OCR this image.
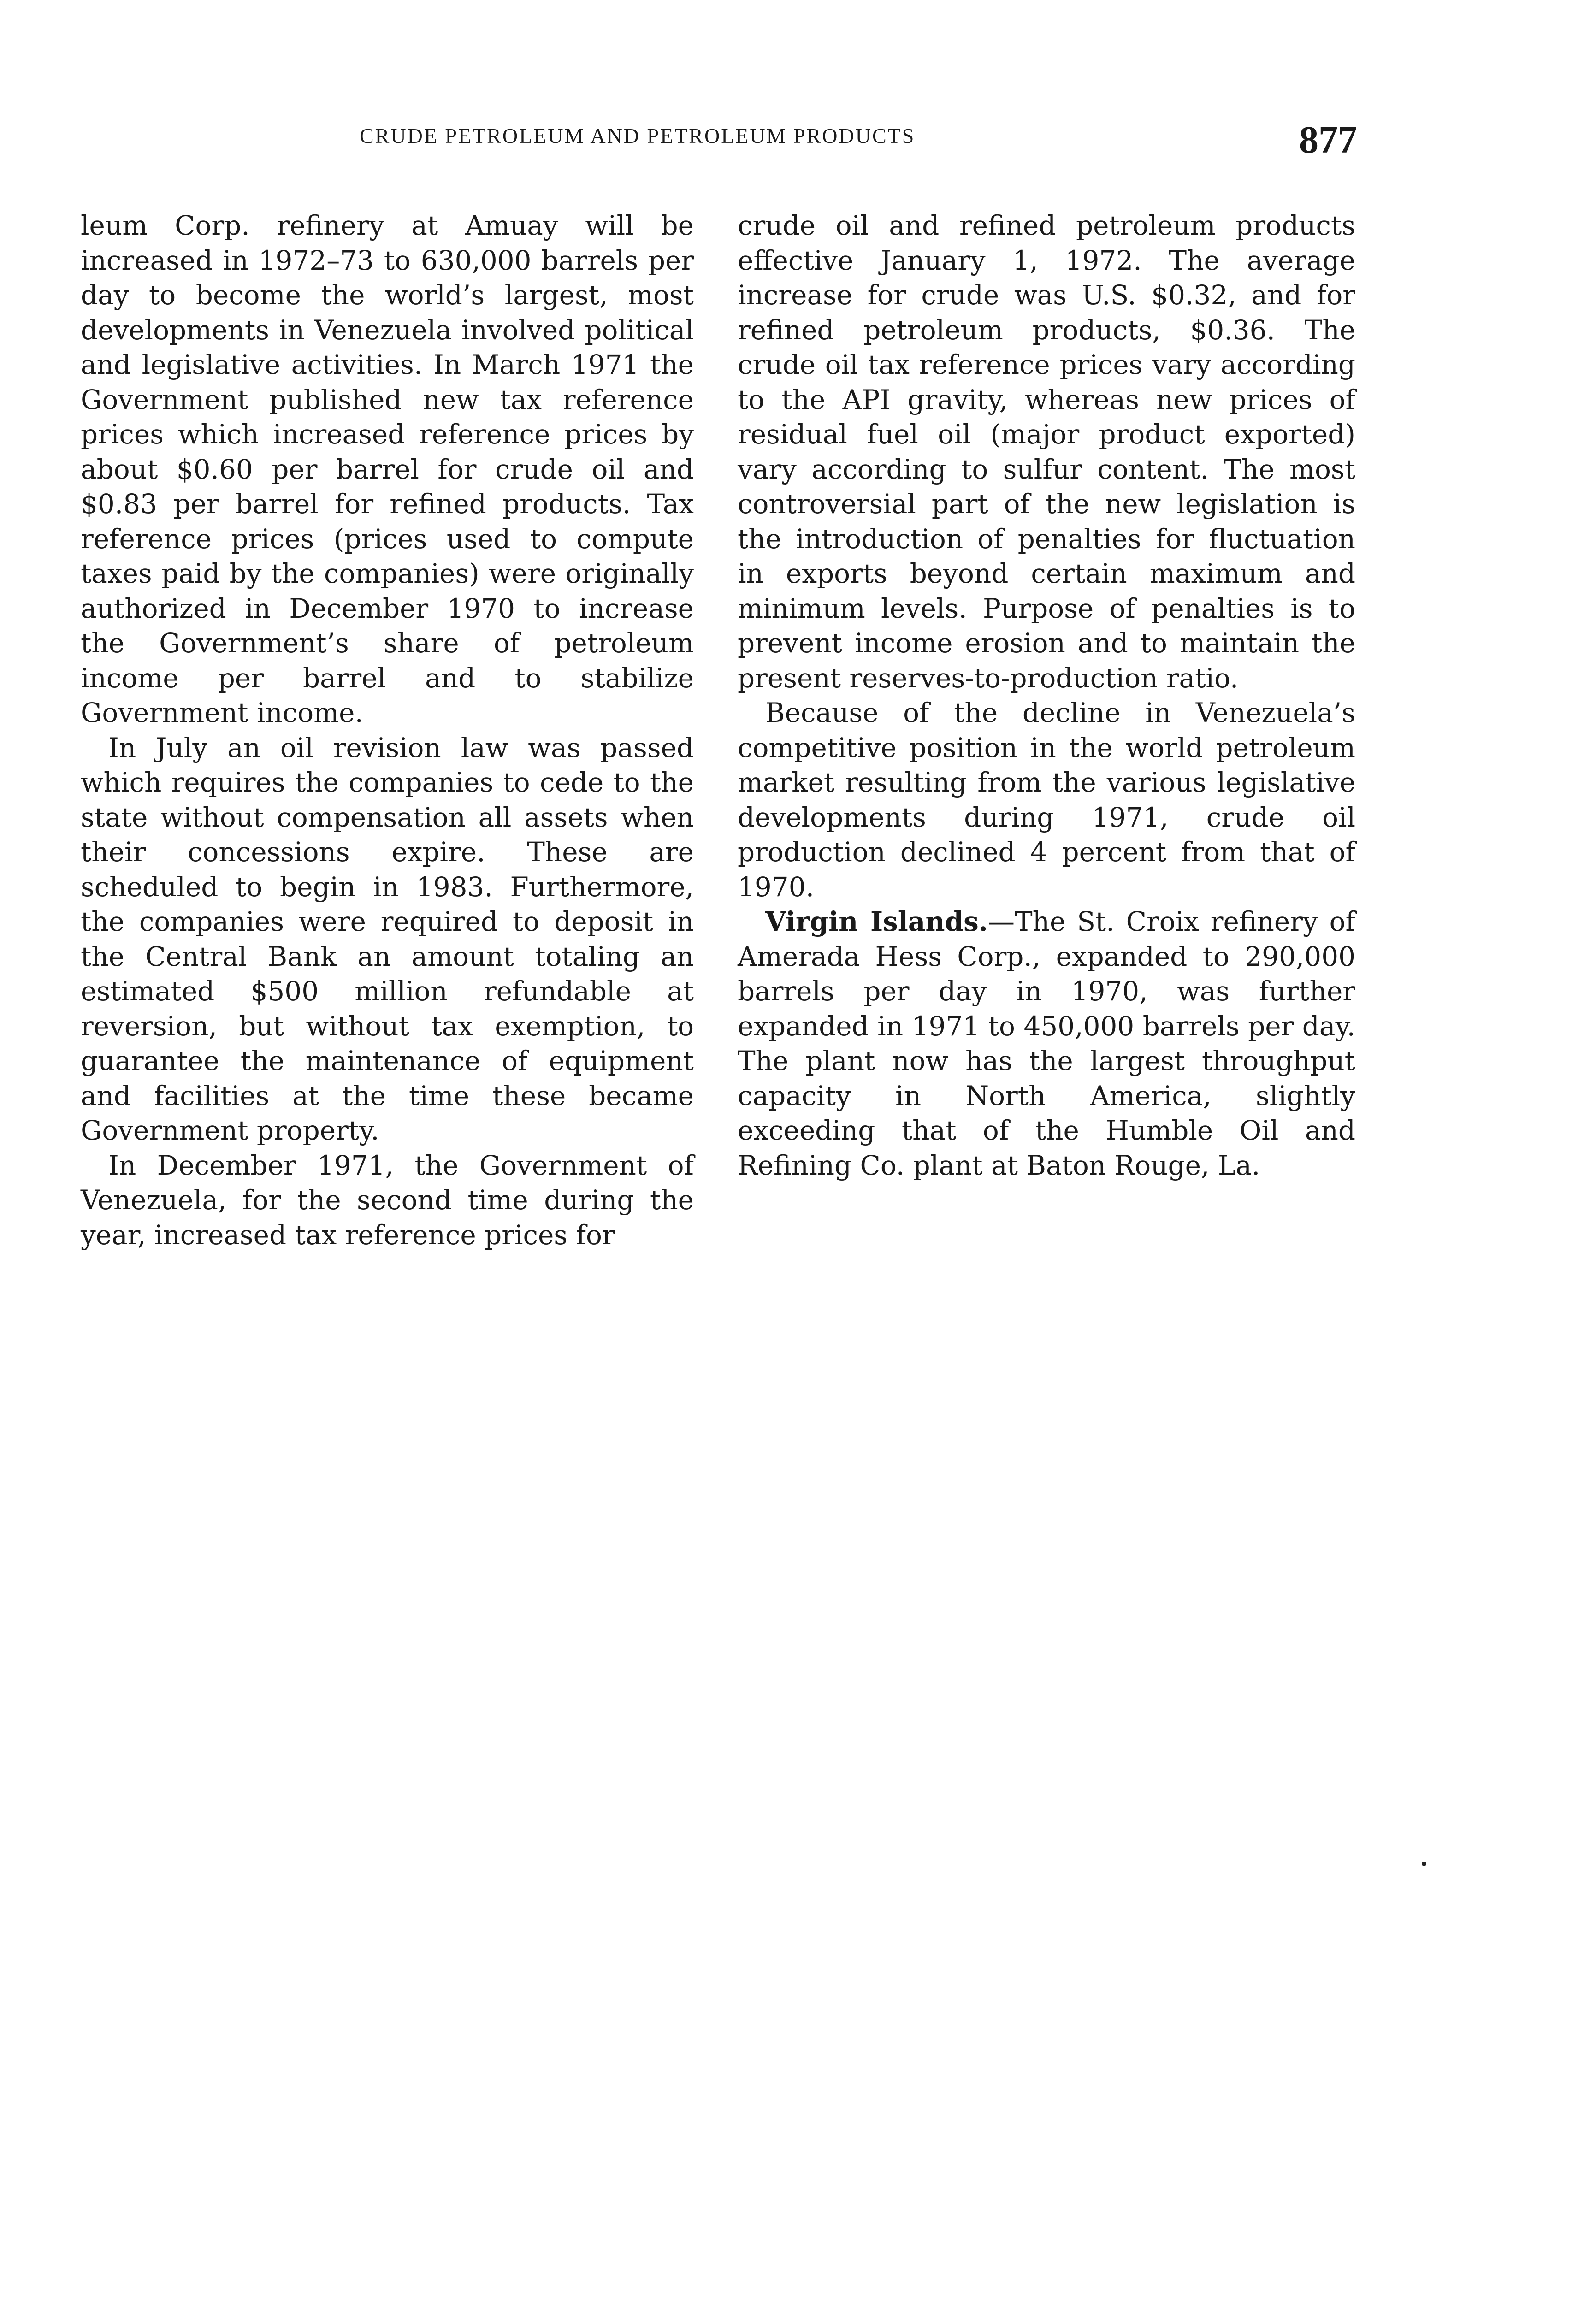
CRUDE PETROLEUM AND PETROLEUM PRODUCTS	877

leum Corp. refinery at Amuay will be increased in 1972–73 to 630,000 barrels per day to become the world’s largest, most developments in Venezuela involved political and legislative activities. In March 1971 the Government published new tax reference prices which increased reference prices by about $0.60 per barrel for crude oil and $0.83 per barrel for refined products. Tax reference prices (prices used to compute taxes paid by the companies) were originally authorized in December 1970 to increase the Government’s share of petroleum income per barrel and to stabilize Government income.

In July an oil revision law was passed which requires the companies to cede to the state without compensation all assets when their concessions expire. These are scheduled to begin in 1983. Furthermore, the companies were required to deposit in the Central Bank an amount totaling an estimated $500 million refundable at reversion, but without tax exemption, to guarantee the maintenance of equipment and facilities at the time these became Government property.

In December 1971, the Government of Venezuela, for the second time during the year, increased tax reference prices for

crude oil and refined petroleum products effective January 1, 1972. The average increase for crude was U.S. $0.32, and for refined petroleum products, $0.36. The crude oil tax reference prices vary according to the API gravity, whereas new prices of residual fuel oil (major product exported) vary according to sulfur content. The most controversial part of the new legislation is the introduction of penalties for fluctuation in exports beyond certain maximum and minimum levels. Purpose of penalties is to prevent income erosion and to maintain the present reserves-to-production ratio.

Because of the decline in Venezuela’s competitive position in the world petroleum market resulting from the various legislative developments during 1971, crude oil production declined 4 percent from that of 1970.

Virgin Islands.—The St. Croix refinery of Amerada Hess Corp., expanded to 290,000 barrels per day in 1970, was further expanded in 1971 to 450,000 barrels per day. The plant now has the largest throughput capacity in North America, slightly exceeding that of the Humble Oil and Refining Co. plant at Baton Rouge, La.
